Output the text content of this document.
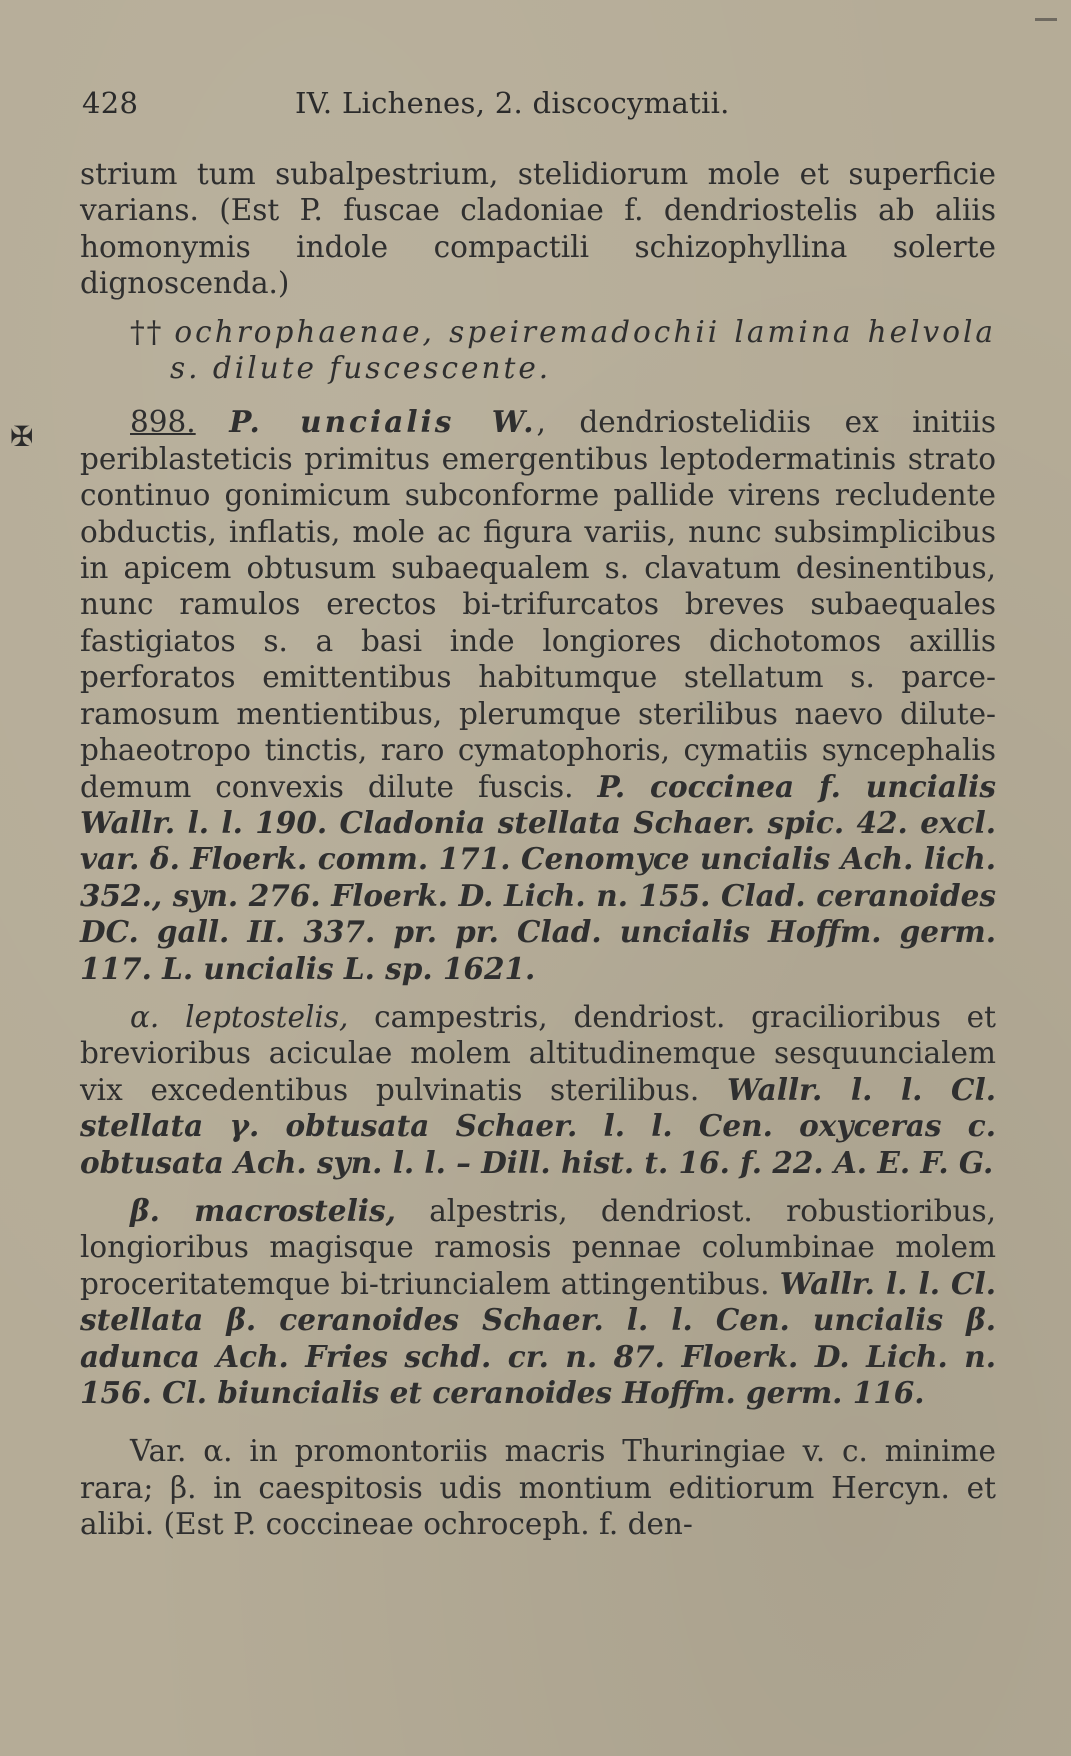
428	IV. Lichenes, 2. discocymatii.
✠

strium tum subalpestrium, stelidiorum mole et superficie varians. (Est P. fuscae cladoniae f. dendriostelis ab aliis homonymis indole compactili schizophyllina solerte dignoscenda.)

†† ochrophaenae, speiremadochii lamina helvola s. dilute fuscescente.

898. P. uncialis W., dendriostelidiis ex initiis periblasteticis primitus emergentibus leptodermatinis strato continuo gonimicum subconforme pallide virens recludente obductis, inflatis, mole ac figura variis, nunc subsimplicibus in apicem obtusum subaequalem s. clavatum desinentibus, nunc ramulos erectos bi-trifurcatos breves subaequales fastigiatos s. a basi inde longiores dichotomos axillis perforatos emittentibus habitumque stellatum s. parce-ramosum mentientibus, plerumque sterilibus naevo dilute-phaeotropo tinctis, raro cymatophoris, cymatiis syncephalis demum convexis dilute fuscis. P. coccinea f. uncialis Wallr. l. l. 190. Cladonia stellata Schaer. spic. 42. excl. var. δ. Floerk. comm. 171. Cenomyce uncialis Ach. lich. 352., syn. 276. Floerk. D. Lich. n. 155. Clad. ceranoides DC. gall. II. 337. pr. pr. Clad. uncialis Hoffm. germ. 117. L. uncialis L. sp. 1621.

α. leptostelis, campestris, dendriost. gracilioribus et brevioribus aciculae molem altitudinemque sesquuncialem vix excedentibus pulvinatis sterilibus. Wallr. l. l. Cl. stellata γ. obtusata Schaer. l. l. Cen. oxyceras c. obtusata Ach. syn. l. l. – Dill. hist. t. 16. f. 22. A. E. F. G.

β. macrostelis, alpestris, dendriost. robustioribus, longioribus magisque ramosis pennae columbinae molem proceritatemque bi-triuncialem attingentibus. Wallr. l. l. Cl. stellata β. ceranoides Schaer. l. l. Cen. uncialis β. adunca Ach. Fries schd. cr. n. 87. Floerk. D. Lich. n. 156. Cl. biuncialis et ceranoides Hoffm. germ. 116.

Var. α. in promontoriis macris Thuringiae v. c. minime rara; β. in caespitosis udis montium editiorum Hercyn. et alibi. (Est P. coccineae ochroceph. f. den-
